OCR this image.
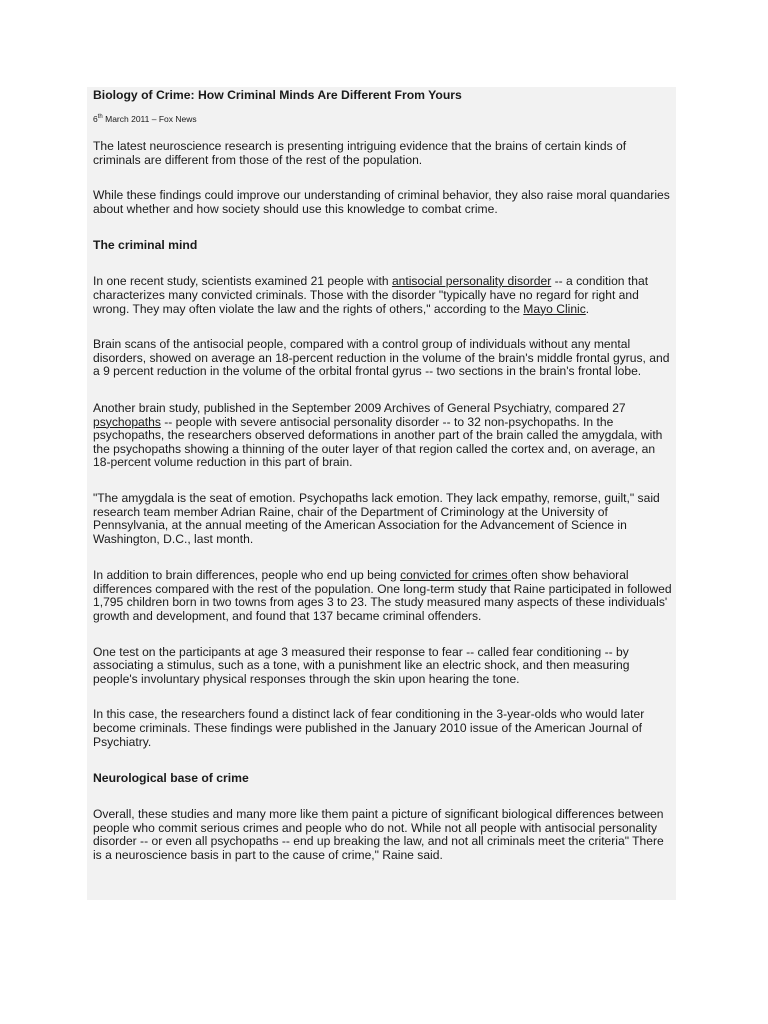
Biology of Crime: How Criminal Minds Are Different From Yours

6th March 2011 – Fox News

The latest neuroscience research is presenting intriguing evidence that the brains of certain kinds of criminals are different from those of the rest of the population.

While these findings could improve our understanding of criminal behavior, they also raise moral quandaries about whether and how society should use this knowledge to combat crime.

The criminal mind

In one recent study, scientists examined 21 people with antisocial personality disorder -- a condition that characterizes many convicted criminals. Those with the disorder "typically have no regard for right and wrong. They may often violate the law and the rights of others," according to the Mayo Clinic.

Brain scans of the antisocial people, compared with a control group of individuals without any mental disorders, showed on average an 18-percent reduction in the volume of the brain's middle frontal gyrus, and a 9 percent reduction in the volume of the orbital frontal gyrus -- two sections in the brain's frontal lobe.

Another brain study, published in the September 2009 Archives of General Psychiatry, compared 27 psychopaths -- people with severe antisocial personality disorder -- to 32 non-psychopaths. In the psychopaths, the researchers observed deformations in another part of the brain called the amygdala, with the psychopaths showing a thinning of the outer layer of that region called the cortex and, on average, an 18-percent volume reduction in this part of brain.

"The amygdala is the seat of emotion. Psychopaths lack emotion. They lack empathy, remorse, guilt," said research team member Adrian Raine, chair of the Department of Criminology at the University of Pennsylvania, at the annual meeting of the American Association for the Advancement of Science in Washington, D.C., last month.

In addition to brain differences, people who end up being convicted for crimes often show behavioral differences compared with the rest of the population. One long-term study that Raine participated in followed 1,795 children born in two towns from ages 3 to 23. The study measured many aspects of these individuals' growth and development, and found that 137 became criminal offenders.

One test on the participants at age 3 measured their response to fear -- called fear conditioning -- by associating a stimulus, such as a tone, with a punishment like an electric shock, and then measuring people's involuntary physical responses through the skin upon hearing the tone.

In this case, the researchers found a distinct lack of fear conditioning in the 3-year-olds who would later become criminals. These findings were published in the January 2010 issue of the American Journal of Psychiatry.

Neurological base of crime

Overall, these studies and many more like them paint a picture of significant biological differences between people who commit serious crimes and people who do not. While not all people with antisocial personality disorder -- or even all psychopaths -- end up breaking the law, and not all criminals meet the criteria" There is a neuroscience basis in part to the cause of crime," Raine said.
